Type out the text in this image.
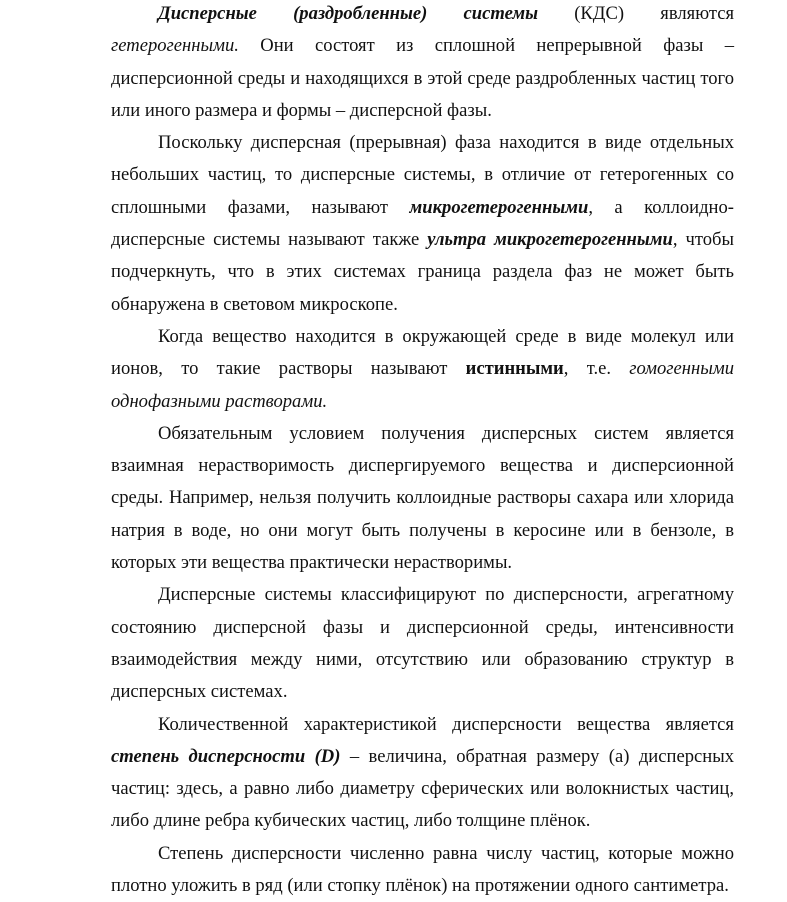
Дисперсные (раздробленные) системы (КДС) являются гетерогенными. Они состоят из сплошной непрерывной фазы – дисперсионной среды и находящихся в этой среде раздробленных частиц того или иного размера и формы – дисперсной фазы.

Поскольку дисперсная (прерывная) фаза находится в виде отдельных небольших частиц, то дисперсные системы, в отличие от гетерогенных со сплошными фазами, называют микрогетерогенными, а коллоидно-дисперсные системы называют также ультра микрогетерогенными, чтобы подчеркнуть, что в этих системах граница раздела фаз не может быть обнаружена в световом микроскопе.

Когда вещество находится в окружающей среде в виде молекул или ионов, то такие растворы называют истинными, т.е. гомогенными однофазными растворами.

Обязательным условием получения дисперсных систем является взаимная нерастворимость диспергируемого вещества и дисперсионной среды. Например, нельзя получить коллоидные растворы сахара или хлорида натрия в воде, но они могут быть получены в керосине или в бензоле, в которых эти вещества практически нерастворимы.

Дисперсные системы классифицируют по дисперсности, агрегатному состоянию дисперсной фазы и дисперсионной среды, интенсивности взаимодействия между ними, отсутствию или образованию структур в дисперсных системах.

Количественной характеристикой дисперсности вещества является степень дисперсности (D) – величина, обратная размеру (а) дисперсных частиц: здесь, а равно либо диаметру сферических или волокнистых частиц, либо длине ребра кубических частиц, либо толщине плёнок.

Степень дисперсности численно равна числу частиц, которые можно плотно уложить в ряд (или стопку плёнок) на протяжении одного сантиметра.
